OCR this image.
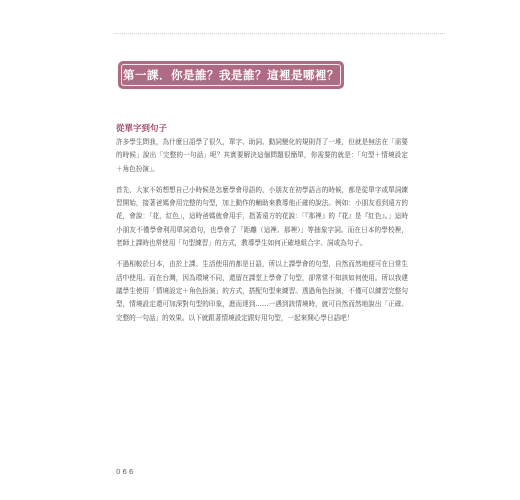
第一課．你是誰？我是誰？這裡是哪裡？
從單字到句子

許多學生問我，為什麼日語學了很久，單字、助詞、動詞變化的規則背了一堆，但就是無法在「需要的時候」說出「完整的一句話」呢？其實要解決這個問題很簡單，你需要的就是：「句型＋情境設定＋角色扮演」。

首先，大家不妨想想自己小時候是怎麼學會母語的，小朋友在初學語言的時候，都是從單字或單詞練習開始，接著爸媽會用完整的句型，加上動作的輔助來教導他正確的說法。例如：小朋友看到遠方的花，會說：「花，紅色」，這時爸媽就會用手，指著遠方的花說：「『那裡』的『花』是『紅色』。」這時小朋友不僅學會利用單詞造句，也學會了「距離（這裡、那裡）」等抽象字詞。而在日本的學校裡，老師上課時也常使用「句型練習」的方式，教導學生如何正確地組合字、詞或為句子。

不過相較於日本，由於上課、生活使用的都是日語，所以上課學會的句型，自然而然地便可在日常生活中使用。而在台灣，因為環境不同，還留在課堂上學會了句型，卻常常不知該如何使用。所以我建議學生使用「情境設定＋角色扮演」的方式，搭配句型來練習。透過角色扮演，不僅可以練習完整句型，情境設定還可加深對句型的印象，進而達到……一遇到該情境時，就可自然而然地說出「正確、完整的一句話」的效果。以下就跟著情境設定跟好用句型，一起來開心學日語吧！

066
